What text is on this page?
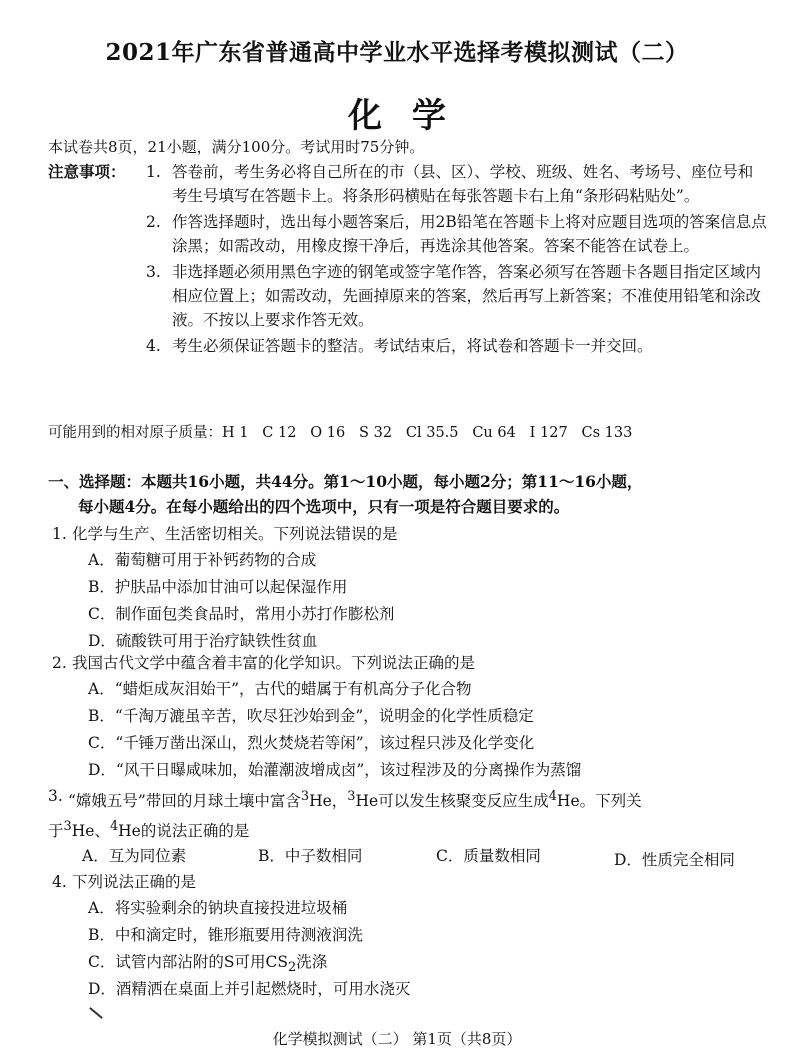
2021年广东省普通高中学业水平选择考模拟测试（二）
化学
本试卷共8页，21小题，满分100分。考试用时75分钟。
注意事项： 1. 答卷前，考生务必将自己所在的市（县、区）、学校、班级、姓名、考场号、座位号和考生号填写在答题卡上。将条形码横贴在每张答题卡右上角“条形码粘贴处”。
2. 作答选择题时，选出每小题答案后，用2B铅笔在答题卡上将对应题目选项的答案信息点涂黑；如需改动，用橡皮擦干净后，再选涂其他答案。答案不能答在试卷上。
3. 非选择题必须用黑色字迹的钢笔或签字笔作答，答案必须写在答题卡各题目指定区域内相应位置上；如需改动，先画掉原来的答案，然后再写上新答案；不准使用铅笔和涂改液。不按以上要求作答无效。
4. 考生必须保证答题卡的整洁。考试结束后，将试卷和答题卡一并交回。
可能用到的相对原子质量：H 1   C 12   O 16   S 32   Cl 35.5   Cu 64   I 127   Cs 133
一、选择题：本题共16小题，共44分。第1～10小题，每小题2分；第11～16小题，
每小题4分。在每小题给出的四个选项中，只有一项是符合题目要求的。
1. 化学与生产、生活密切相关。下列说法错误的是
A．葡萄糖可用于补钙药物的合成
B．护肤品中添加甘油可以起保湿作用
C．制作面包类食品时，常用小苏打作膨松剂
D．硫酸铁可用于治疗缺铁性贫血
2. 我国古代文学中蕴含着丰富的化学知识。下列说法正确的是
A．“蜡炬成灰泪始干”，古代的蜡属于有机高分子化合物
B．“千淘万漉虽辛苦，吹尽狂沙始到金”，说明金的化学性质稳定
C．“千锤万凿出深山，烈火焚烧若等闲”，该过程只涉及化学变化
D．“风干日曝咸味加，始灌潮波增成卤”，该过程涉及的分离操作为蒸馏
3. “嫦娥五号”带回的月球土壤中富含$^3$He，$^3$He可以发生核聚变反应生成$^4$He。下列关
于$^3$He、$^4$He的说法正确的是
A．互为同位素	B．中子数相同	C．质量数相同	D．性质完全相同
4. 下列说法正确的是
A．将实验剩余的钠块直接投进垃圾桶
B．中和滴定时，锥形瓶要用待测液润洗
C．试管内部沾附的S可用$CS_2$洗涤
D．酒精洒在桌面上并引起燃烧时，可用水浇灭
化学模拟测试（二） 第1页（共8页）
